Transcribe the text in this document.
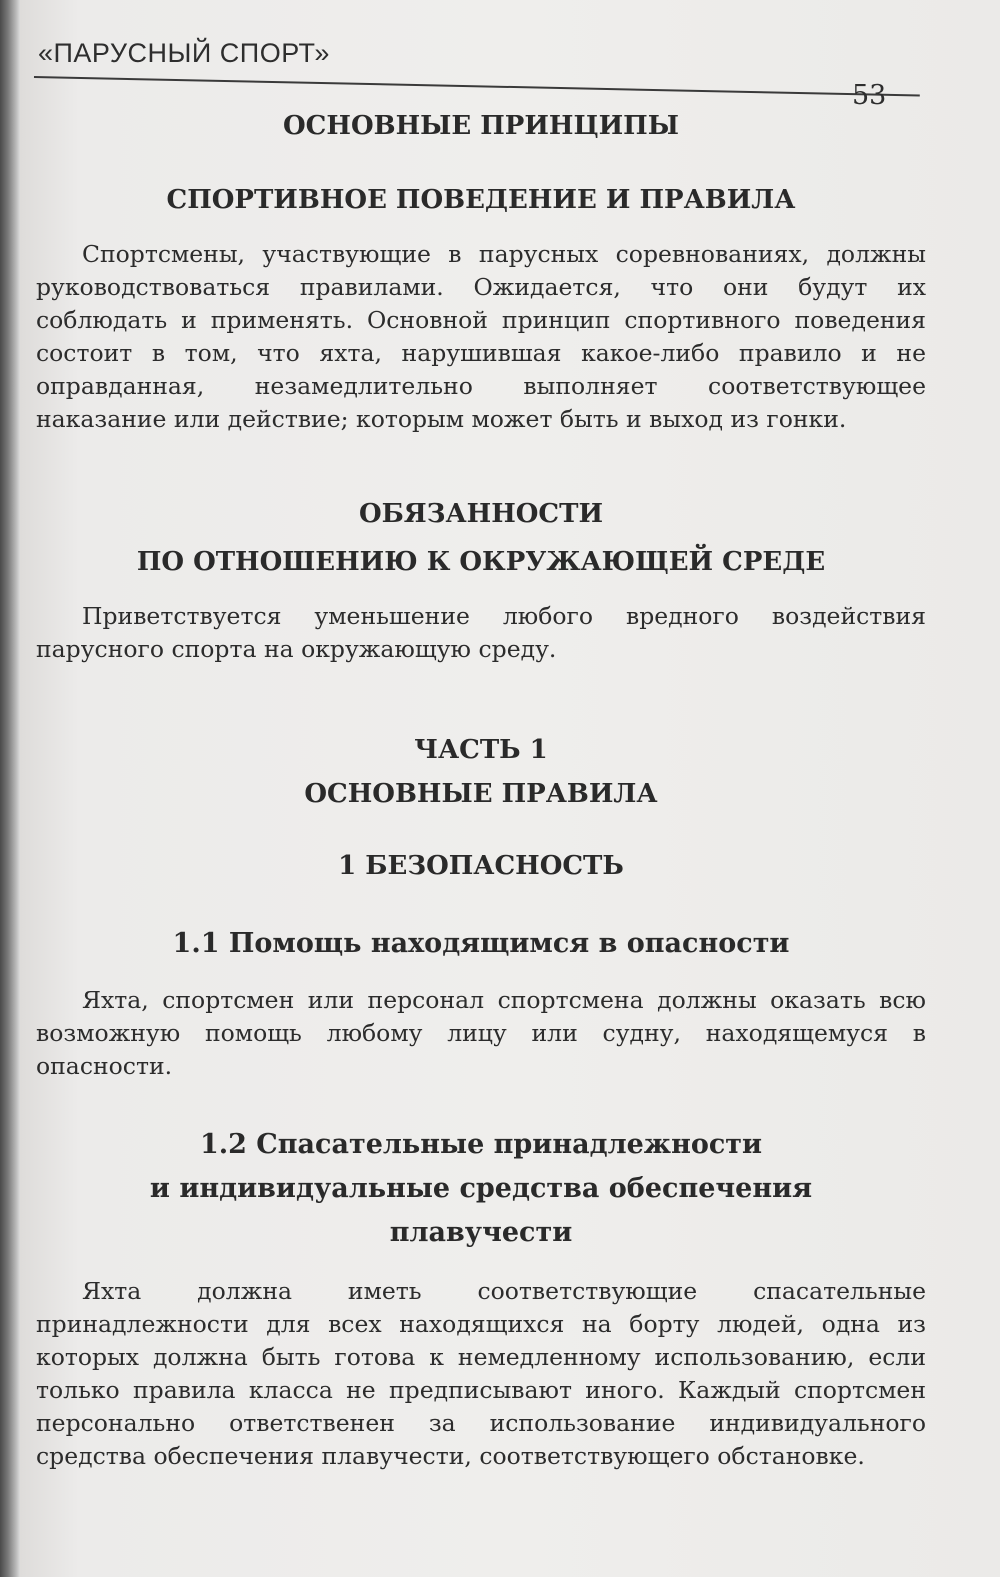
«ПАРУСНЫЙ СПОРТ»
53
ОСНОВНЫЕ ПРИНЦИПЫ
СПОРТИВНОЕ ПОВЕДЕНИЕ И ПРАВИЛА

Спортсмены, участвующие в парусных соревнованиях, должны руководствоваться правилами. Ожидается, что они будут их соблюдать и применять. Основной принцип спортивного поведения состоит в том, что яхта, нарушившая какое-либо правило и не оправданная, незамедлительно выполняет соответствующее наказание или действие; которым может быть и выход из гонки.

ОБЯЗАННОСТИ
ПО ОТНОШЕНИЮ К ОКРУЖАЮЩЕЙ СРЕДЕ

Приветствуется уменьшение любого вредного воздействия парусного спорта на окружающую среду.

ЧАСТЬ 1
ОСНОВНЫЕ ПРАВИЛА
1 БЕЗОПАСНОСТЬ
1.1 Помощь находящимся в опасности

Яхта, спортсмен или персонал спортсмена должны оказать всю возможную помощь любому лицу или судну, находящемуся в опасности.

1.2 Спасательные принадлежности
и индивидуальные средства обеспечения
плавучести

Яхта должна иметь соответствующие спасательные принадлежности для всех находящихся на борту людей, одна из которых должна быть готова к немедленному использованию, если только правила класса не предписывают иного. Каждый спортсмен персонально ответственен за использование индивидуального средства обеспечения плавучести, соответствующего обстановке.
